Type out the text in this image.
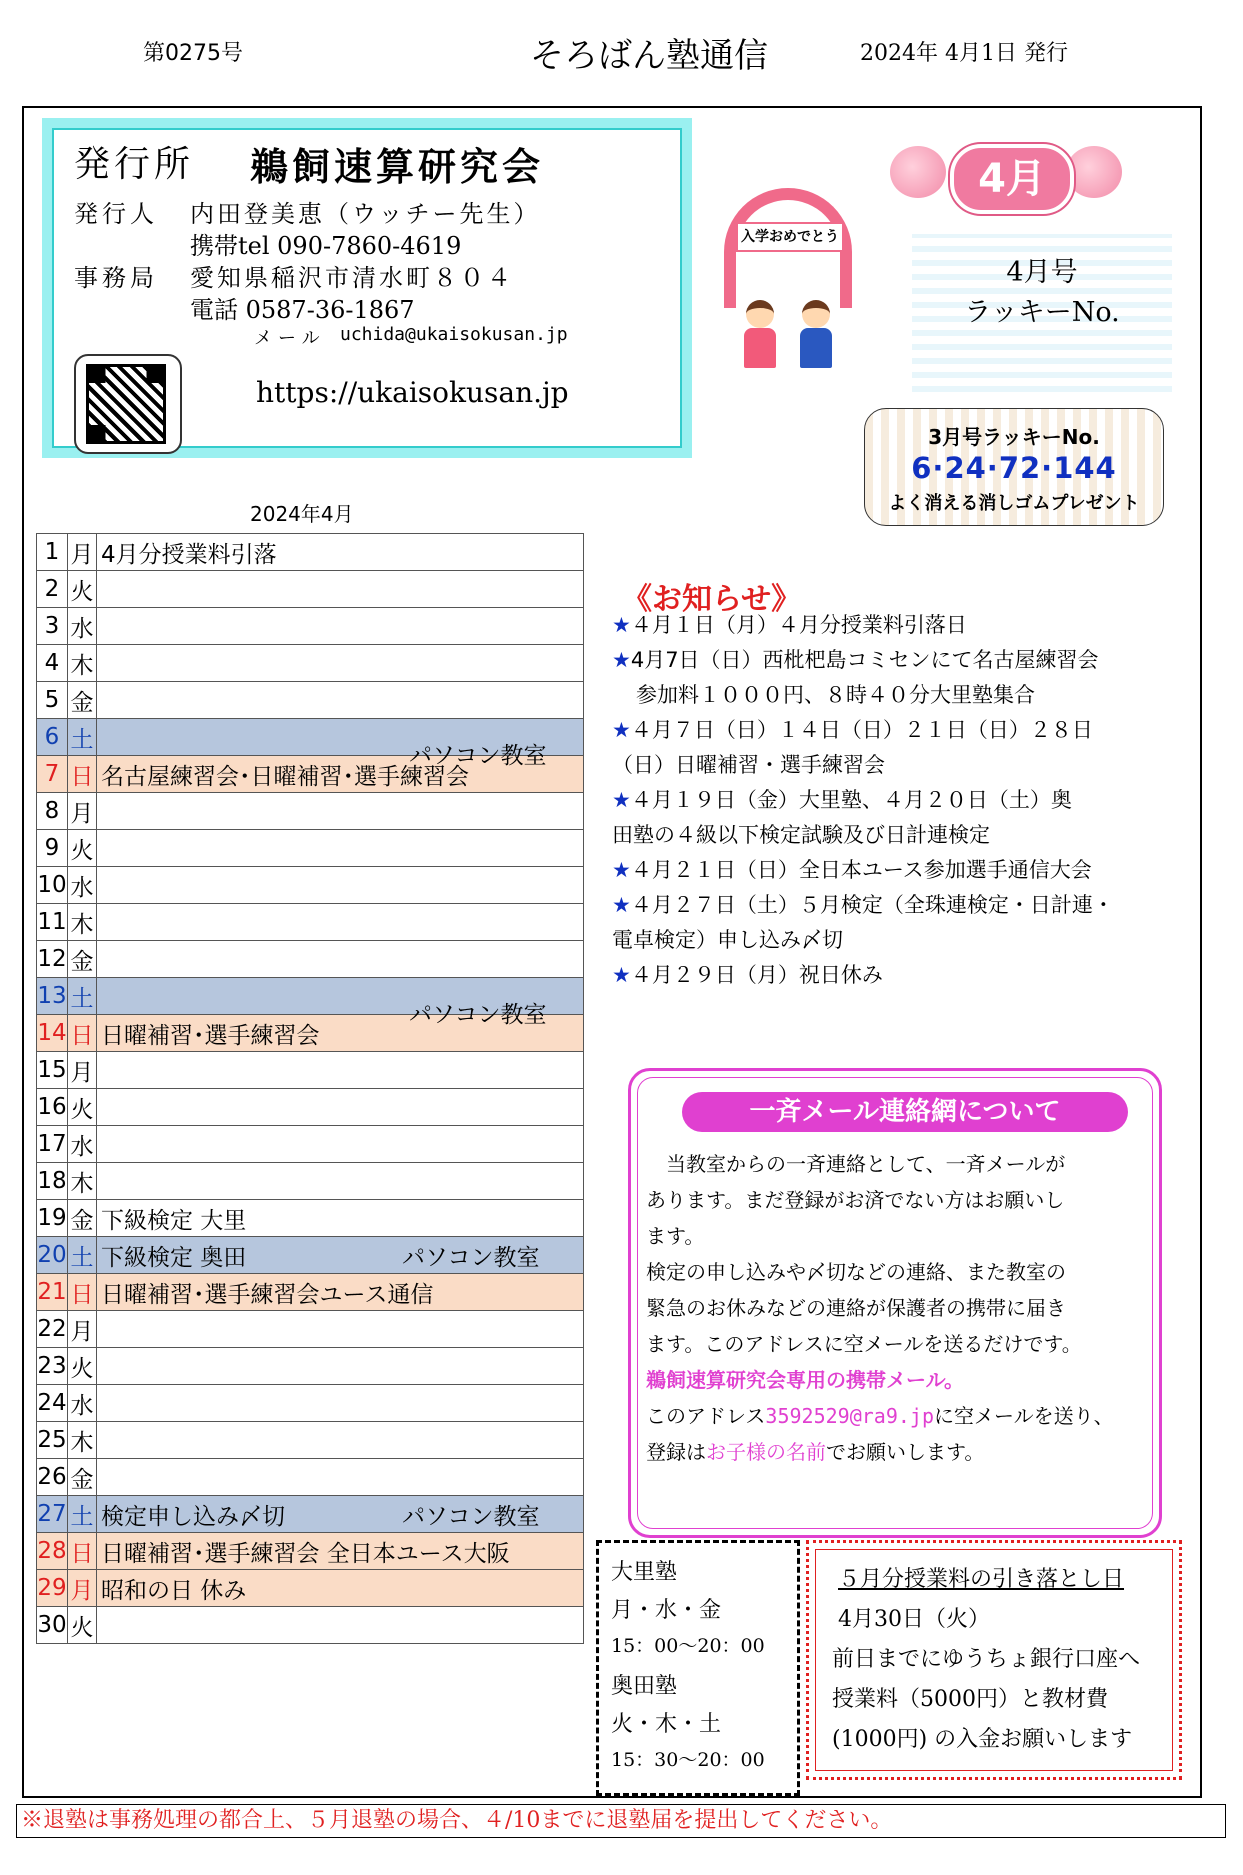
第0275号	そろばん塾通信	2024年 4月1日 発行
発行所 鵜飼速算研究会
発行人 内田登美恵（ウッチー先生）
携帯tel 090-7860-4619
事務局 愛知県稲沢市清水町８０４
電話 0587-36-1867
メール uchida@ukaisokusan.jp
https://ukaisokusan.jp
4月
入学おめでとう
4月号
ラッキーNo.
3月号ラッキーNo.
6·24·72·144
よく消える消しゴムプレゼント
2024年4月
1	月	4月分授業料引落
2	火	
3	水	
4	木	
5	金	
6	土	パソコン教室

7	日	名古屋練習会･日曜補習･選手練習会
8	月	
9	火	
10	水	
11	木	
12	金	
13	土	パソコン教室

14	日	日曜補習･選手練習会
15	月	
16	火	
17	水	
18	木	
19	金	下級検定 大里
20	土	下級検定 奥田 パソコン教室

21	日	日曜補習･選手練習会ユース通信
22	月	
23	火	
24	水	
25	木	
26	金	
27	土	検定申し込み〆切 パソコン教室

28	日	日曜補習･選手練習会 全日本ユース大阪
29	月	昭和の日 休み
30	火	
《お知らせ》
★４月１日（月）４月分授業料引落日
★4月7日（日）西枇杷島コミセンにて名古屋練習会
参加料１０００円、８時４０分大里塾集合
★４月７日（日）１４日（日）２１日（日）２８日
（日）日曜補習・選手練習会
★４月１９日（金）大里塾、４月２０日（土）奥
田塾の４級以下検定試験及び日計連検定
★４月２１日（日）全日本ユース参加選手通信大会
★４月２７日（土）５月検定（全珠連検定・日計連・
電卓検定）申し込み〆切
★４月２９日（月）祝日休み
一斉メール連絡網について
当教室からの一斉連絡として、一斉メールが
あります。まだ登録がお済でない方はお願いし
ます。
検定の申し込みや〆切などの連絡、また教室の
緊急のお休みなどの連絡が保護者の携帯に届き
ます。このアドレスに空メールを送るだけです。
鵜飼速算研究会専用の携帯メール。
このアドレス3592529@ra9.jpに空メールを送り、
登録はお子様の名前でお願いします。
大里塾
月・水・金
15：00～20：00
奥田塾
火・木・土
15：30～20：00
５月分授業料の引き落とし日
4月30日（火）
前日までにゆうちょ銀行口座へ
授業料（5000円）と教材費
(1000円) の入金お願いします
※退塾は事務処理の都合上、５月退塾の場合、４/10までに退塾届を提出してください。
